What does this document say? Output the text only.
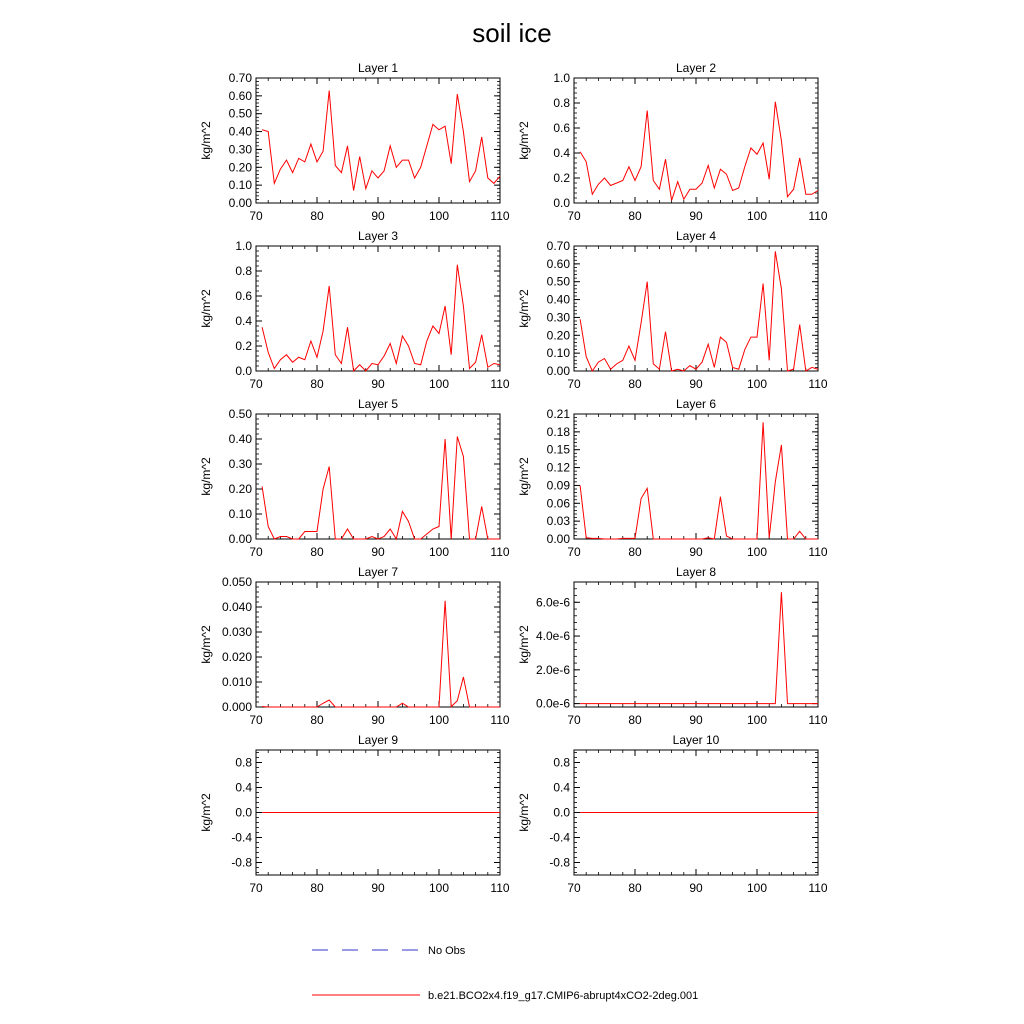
soil ice
Layer 1
70	80	90	100	110
0.00
0.10
0.20
0.30
0.40
0.50
0.60
0.70
kg/m^2
Layer 2
70	80	90	100	110
0.0
0.2
0.4
0.6
0.8
1.0
kg/m^2
Layer 3
70	80	90	100	110
0.0
0.2
0.4
0.6
0.8
1.0
kg/m^2
Layer 4
70	80	90	100	110
0.00
0.10
0.20
0.30
0.40
0.50
0.60
0.70
kg/m^2
Layer 5
70	80	90	100	110
0.00
0.10
0.20
0.30
0.40
0.50
kg/m^2
Layer 6
70	80	90	100	110
0.00
0.03
0.06
0.09
0.12
0.15
0.18
0.21
kg/m^2
Layer 7
70	80	90	100	110
0.000
0.010
0.020
0.030
0.040
0.050
kg/m^2
Layer 8
70	80	90	100	110
0.0e-6
2.0e-6
4.0e-6
6.0e-6
kg/m^2
Layer 9
70	80	90	100	110
-0.8
-0.4
0.0
0.4
0.8
kg/m^2
Layer 10
70	80	90	100	110
-0.8
-0.4
0.0
0.4
0.8
kg/m^2
No Obs
b.e21.BCO2x4.f19_g17.CMIP6-abrupt4xCO2-2deg.001
